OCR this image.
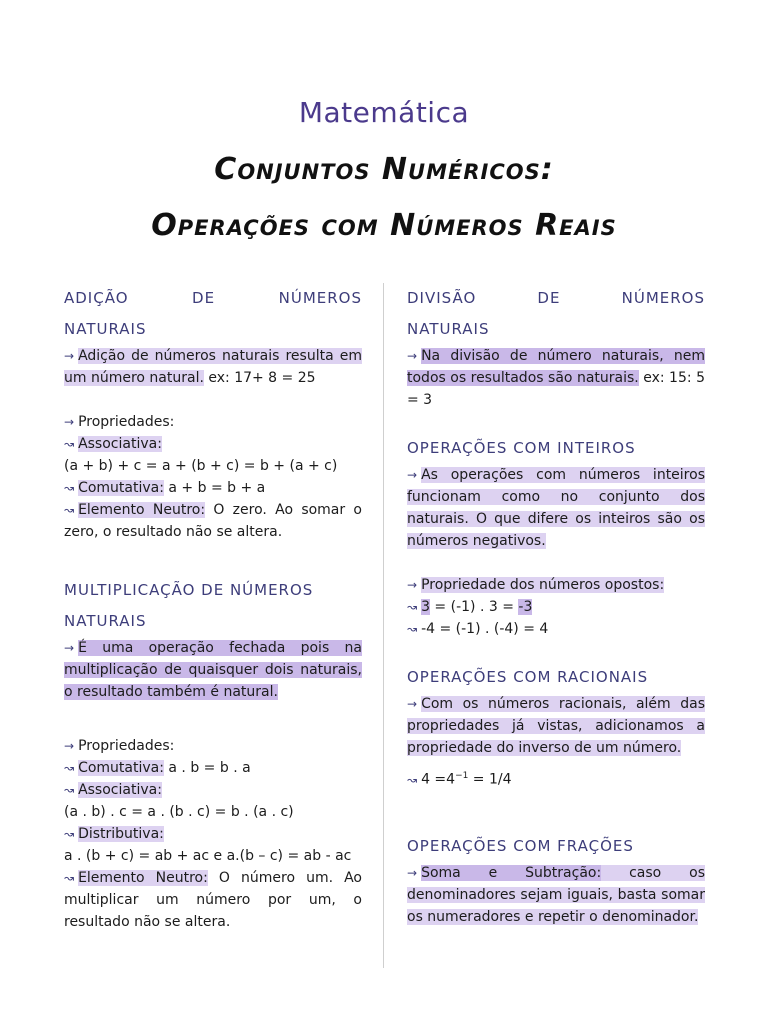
Matemática
Conjuntos Numéricos:
Operações com Números Reais

ADIÇÃO DE NÚMEROS

NATURAIS

→ Adição de números naturais resulta em um número natural. ex: 17+ 8 = 25

→ Propriedades:

↝ Associativa:

(a + b) + c = a + (b + c) = b + (a + c)

↝ Comutativa: a + b = b + a

↝ Elemento Neutro: O zero. Ao somar o zero, o resultado não se altera.

MULTIPLICAÇÃO DE NÚMEROS

NATURAIS

→ É uma operação fechada pois na multiplicação de quaisquer dois naturais, o resultado também é natural.

→ Propriedades:

↝ Comutativa: a . b = b . a

↝ Associativa:

(a . b) . c = a . (b . c) = b . (a . c)

↝ Distributiva:

a . (b + c) = ab + ac e a.(b – c) = ab - ac

↝ Elemento Neutro: O número um. Ao multiplicar um número por um, o resultado não se altera.

DIVISÃO DE NÚMEROS

NATURAIS

→ Na divisão de número naturais, nem todos os resultados são naturais. ex: 15: 5 = 3

OPERAÇÕES COM INTEIROS

→ As operações com números inteiros funcionam como no conjunto dos naturais. O que difere os inteiros são os números negativos.

→ Propriedade dos números opostos:

↝ 3 = (-1) . 3 = -3

↝ -4 = (-1) . (-4) = 4

OPERAÇÕES COM RACIONAIS

→ Com os números racionais, além das propriedades já vistas, adicionamos a propriedade do inverso de um número.

↝ $4 =4^{-1} = 1/4$

OPERAÇÕES COM FRAÇÕES

→ Soma e Subtração: caso os denominadores sejam iguais, basta somar os numeradores e repetir o denominador.
